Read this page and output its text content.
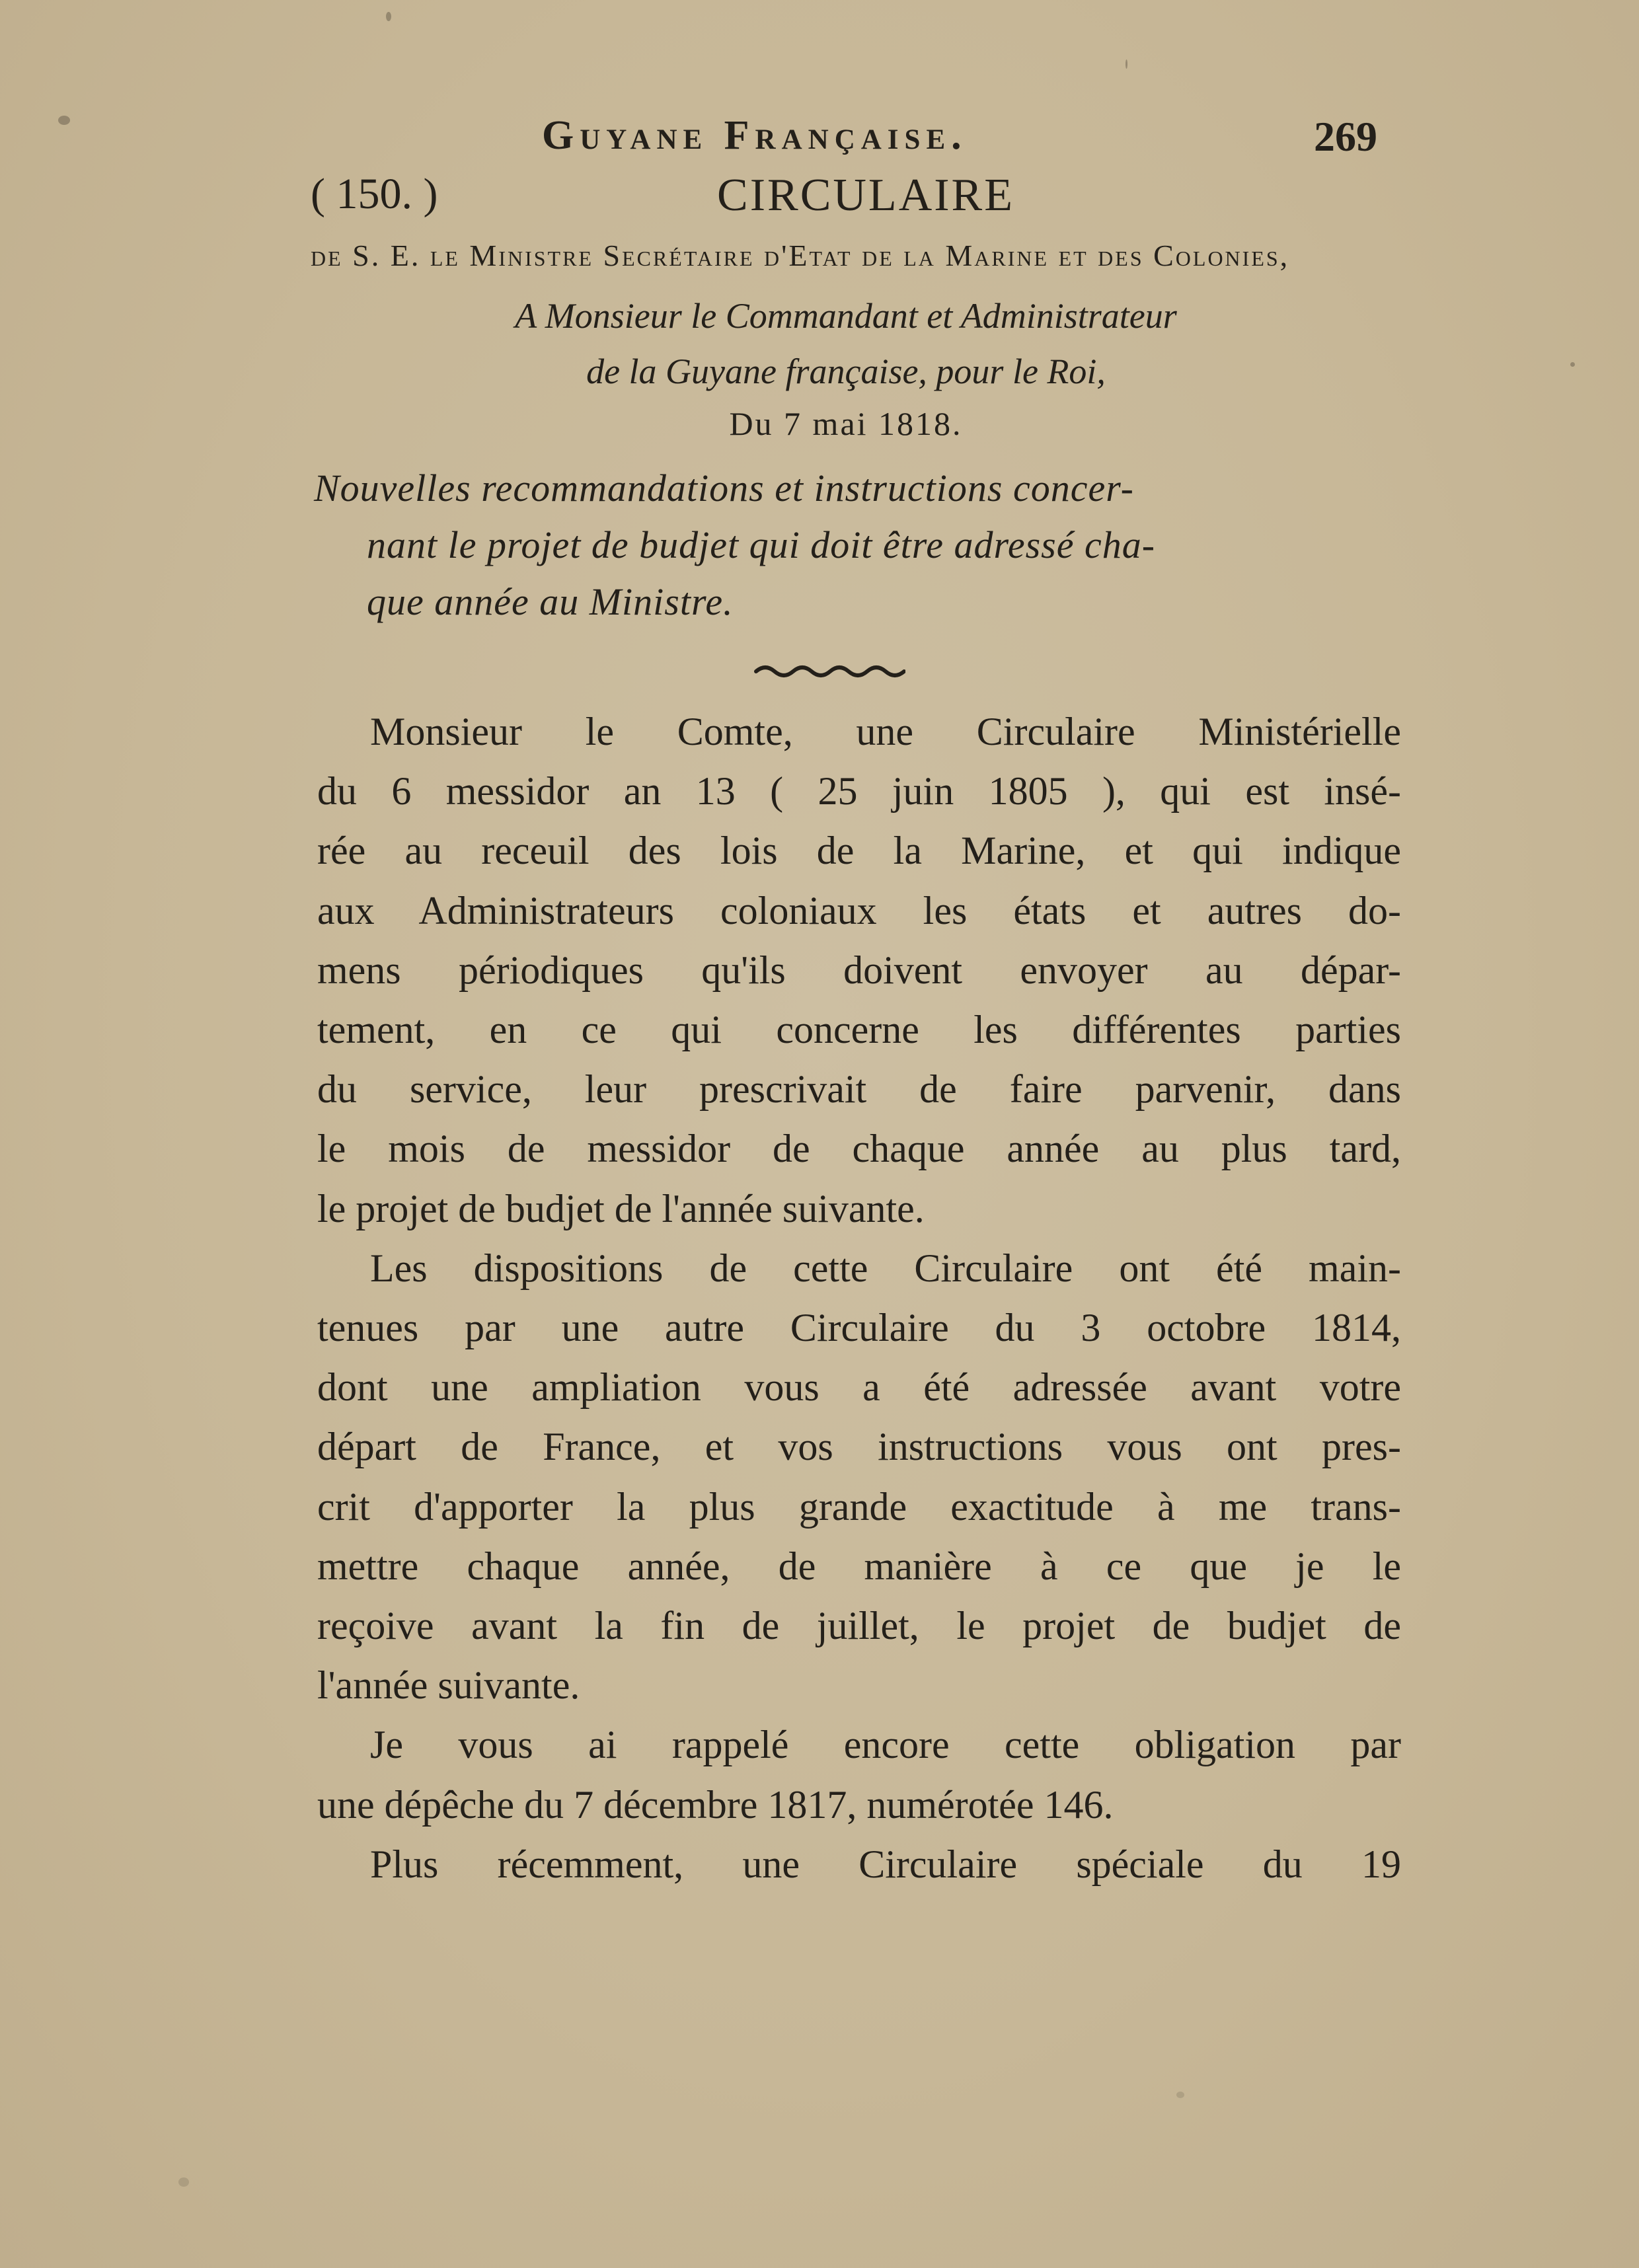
Guyane Française.	269
( 150. )	CIRCULAIRE
de S. E. le Ministre Secrétaire d'Etat de la Marine et des Colonies,
A Monsieur le Commandant et Administrateur
de la Guyane française, pour le Roi,
Du 7 mai 1818.
Nouvelles recommandations et instructions concer-
nant le projet de budjet qui doit être adressé cha-
que année au Ministre.
Monsieur le Comte, une Circulaire Ministérielle
du 6 messidor an 13 ( 25 juin 1805 ), qui est insé-
rée au receuil des lois de la Marine, et qui indique
aux Administrateurs coloniaux les états et autres do-
mens périodiques qu'ils doivent envoyer au dépar-
tement, en ce qui concerne les différentes parties
du service, leur prescrivait de faire parvenir, dans
le mois de messidor de chaque année au plus tard,
le projet de budjet de l'année suivante.
Les dispositions de cette Circulaire ont été main-
tenues par une autre Circulaire du 3 octobre 1814,
dont une ampliation vous a été adressée avant votre
départ de France, et vos instructions vous ont pres-
crit d'apporter la plus grande exactitude à me trans-
mettre chaque année, de manière à ce que je le
reçoive avant la fin de juillet, le projet de budjet de
l'année suivante.
Je vous ai rappelé encore cette obligation par
une dépêche du 7 décembre 1817, numérotée 146.
Plus récemment, une Circulaire spéciale du 19
